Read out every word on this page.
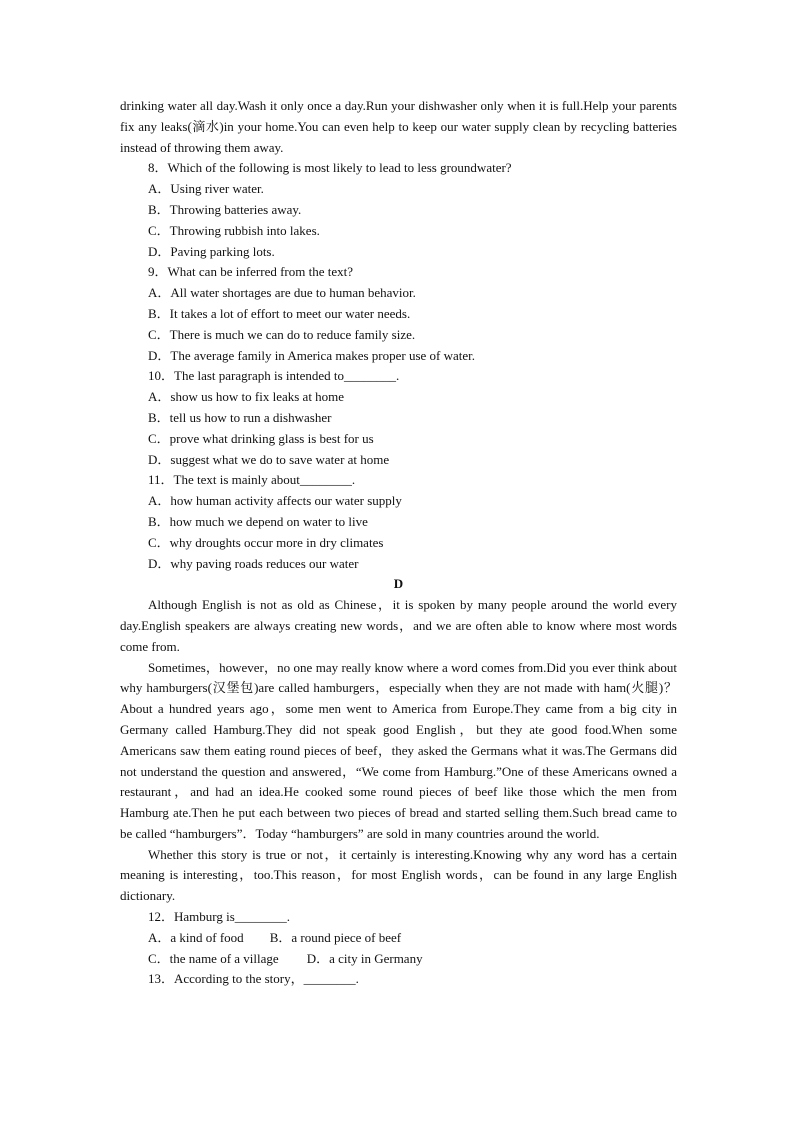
drinking water all day.Wash it only once a day.Run your dishwasher only when it is full.Help your parents fix any leaks(滴水)in your home.You can even help to keep our water supply clean by recycling batteries instead of throwing them away.

8．Which of the following is most likely to lead to less groundwater?

A．Using river water.

B．Throwing batteries away.

C．Throwing rubbish into lakes.

D．Paving parking lots.

9．What can be inferred from the text?

A．All water shortages are due to human behavior.

B．It takes a lot of effort to meet our water needs.

C．There is much we can do to reduce family size.

D．The average family in America makes proper use of water.

10．The last paragraph is intended to________.

A．show us how to fix leaks at home

B．tell us how to run a dishwasher

C．prove what drinking glass is best for us

D．suggest what we do to save water at home

11．The text is mainly about________.

A．how human activity affects our water supply

B．how much we depend on water to live

C．why droughts occur more in dry climates

D．why paving roads reduces our water

D

Although English is not as old as Chinese，it is spoken by many people around the world every day.English speakers are always creating new words，and we are often able to know where most words come from.

Sometimes，however，no one may really know where a word comes from.Did you ever think about why hamburgers(汉堡包)are called hamburgers，especially when they are not made with ham(火腿)？About a hundred years ago，some men went to America from Europe.They came from a big city in Germany called Hamburg.They did not speak good English，but they ate good food.When some Americans saw them eating round pieces of beef，they asked the Germans what it was.The Germans did not understand the question and answered，“We come from Hamburg.”One of these Americans owned a restaurant，and had an idea.He cooked some round pieces of beef like those which the men from Hamburg ate.Then he put each between two pieces of bread and started selling them.Such bread came to be called “hamburgers”．Today “hamburgers” are sold in many countries around the world.

Whether this story is true or not，it certainly is interesting.Knowing why any word has a certain meaning is interesting，too.This reason，for most English words，can be found in any large English dictionary.

12．Hamburg is________.

A．a kind of food B．a round piece of beef

C．the name of a village D．a city in Germany

13．According to the story，________.
